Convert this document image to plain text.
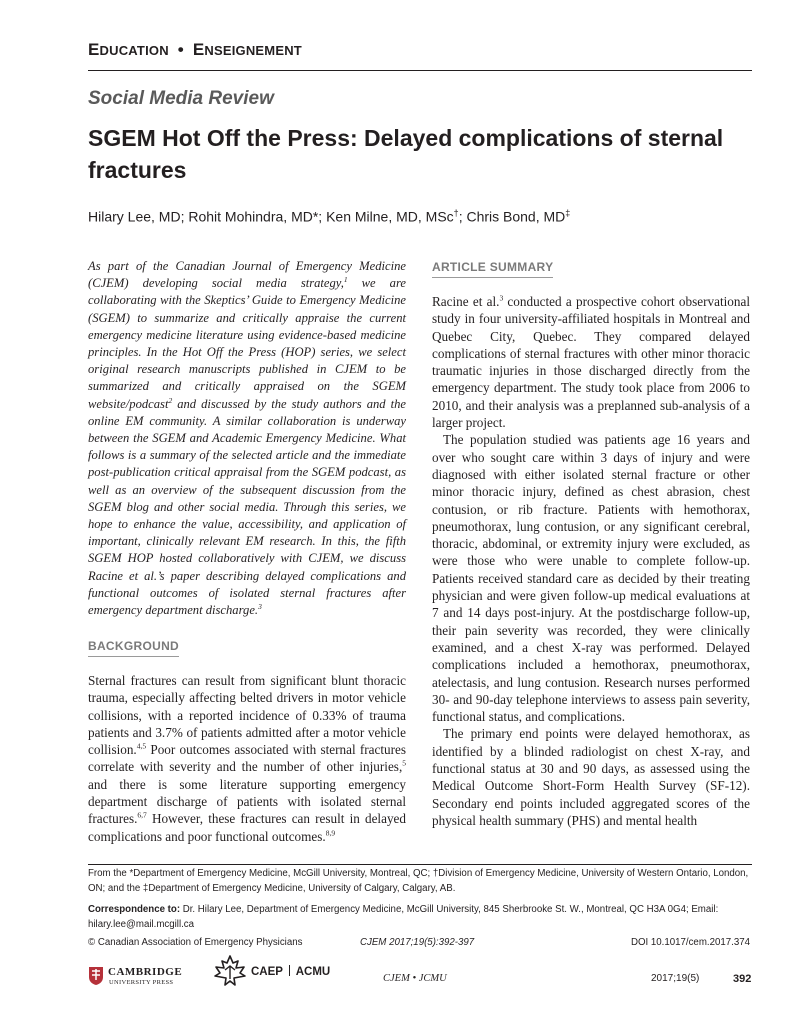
EDUCATION • ENSEIGNEMENT
Social Media Review
SGEM Hot Off the Press: Delayed complications of sternal fractures
Hilary Lee, MD; Rohit Mohindra, MD*; Ken Milne, MD, MSc†; Chris Bond, MD‡
As part of the Canadian Journal of Emergency Medicine (CJEM) developing social media strategy,$^1$ we are collaborating with the Skeptics’ Guide to Emergency Medicine (SGEM) to summarize and critically appraise the current emergency medicine literature using evidence-based medicine principles. In the Hot Off the Press (HOP) series, we select original research manuscripts published in CJEM to be summarized and critically appraised on the SGEM website/podcast$^2$ and discussed by the study authors and the online EM community. A similar collaboration is underway between the SGEM and Academic Emergency Medicine. What follows is a summary of the selected article and the immediate post-publication critical appraisal from the SGEM podcast, as well as an overview of the subsequent discussion from the SGEM blog and other social media. Through this series, we hope to enhance the value, accessibility, and application of important, clinically relevant EM research. In this, the fifth SGEM HOP hosted collaboratively with CJEM, we discuss Racine et al.’s paper describing delayed complications and functional outcomes of isolated sternal fractures after emergency department discharge.$^3$
BACKGROUND

Sternal fractures can result from significant blunt thoracic trauma, especially affecting belted drivers in motor vehicle collisions, with a reported incidence of 0.33% of trauma patients and 3.7% of patients admitted after a motor vehicle collision.$^{4,5}$ Poor outcomes associated with sternal fractures correlate with severity and the number of other injuries,$^5$ and there is some literature supporting emergency department discharge of patients with isolated sternal fractures.$^{6,7}$ However, these fractures can result in delayed complications and poor functional outcomes.$^{8,9}$

ARTICLE SUMMARY

Racine et al.$^3$ conducted a prospective cohort observational study in four university-affiliated hospitals in Montreal and Quebec City, Quebec. They compared delayed complications of sternal fractures with other minor thoracic traumatic injuries in those discharged directly from the emergency department. The study took place from 2006 to 2010, and their analysis was a preplanned sub-analysis of a larger project.

The population studied was patients age 16 years and over who sought care within 3 days of injury and were diagnosed with either isolated sternal fracture or other minor thoracic injury, defined as chest abrasion, chest contusion, or rib fracture. Patients with hemothorax, pneumothorax, lung contusion, or any significant cerebral, thoracic, abdominal, or extremity injury were excluded, as were those who were unable to complete follow-up. Patients received standard care as decided by their treating physician and were given follow-up medical evaluations at 7 and 14 days post-injury. At the postdischarge follow-up, their pain severity was recorded, they were clinically examined, and a chest X-ray was performed. Delayed complications included a hemothorax, pneumothorax, atelectasis, and lung contusion. Research nurses performed 30- and 90-day telephone interviews to assess pain severity, functional status, and complications.

The primary end points were delayed hemothorax, as identified by a blinded radiologist on chest X-ray, and functional status at 30 and 90 days, as assessed using the Medical Outcome Short-Form Health Survey (SF-12). Secondary end points included aggregated scores of the physical health summary (PHS) and mental health

From the *Department of Emergency Medicine, McGill University, Montreal, QC; †Division of Emergency Medicine, University of Western Ontario, London, ON; and the ‡Department of Emergency Medicine, University of Calgary, Calgary, AB.
Correspondence to: Dr. Hilary Lee, Department of Emergency Medicine, McGill University, 845 Sherbrooke St. W., Montreal, QC H3A 0G4; Email: hilary.lee@mail.mcgill.ca
© Canadian Association of Emergency Physicians	CJEM 2017;19(5):392-397	DOI 10.1017/cem.2017.374
CAMBRIDGE
UNIVERSITY PRESS
CAEP ACMU
CJEM • JCMU	2017;19(5)	392
